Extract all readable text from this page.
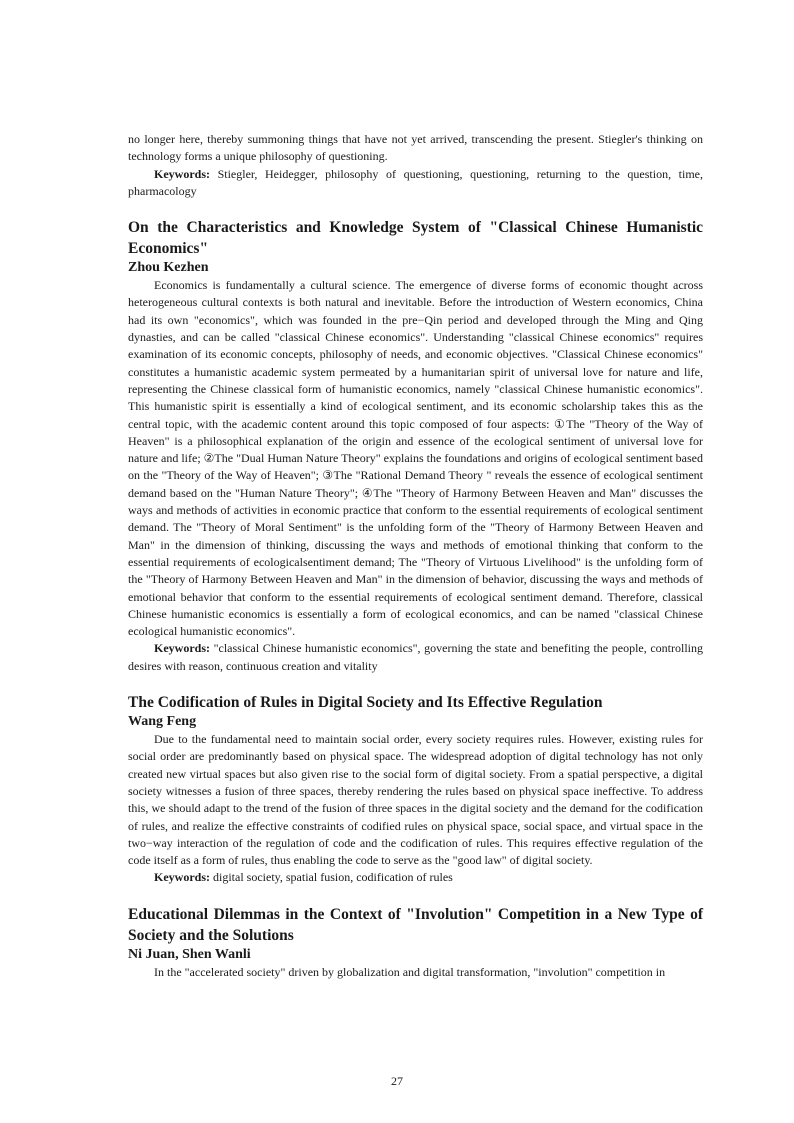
no longer here, thereby summoning things that have not yet arrived, transcending the present. Stiegler's thinking on technology forms a unique philosophy of questioning.

Keywords: Stiegler, Heidegger, philosophy of questioning, questioning, returning to the question, time, pharmacology

On the Characteristics and Knowledge System of "Classical Chinese Humanistic Economics"
Zhou Kezhen

Economics is fundamentally a cultural science. The emergence of diverse forms of economic thought across heterogeneous cultural contexts is both natural and inevitable. Before the introduction of Western economics, China had its own "economics", which was founded in the pre−Qin period and developed through the Ming and Qing dynasties, and can be called "classical Chinese economics". Understanding "classical Chinese economics" requires examination of its economic concepts, philosophy of needs, and economic objectives. "Classical Chinese economics" constitutes a humanistic academic system permeated by a humanitarian spirit of universal love for nature and life, representing the Chinese classical form of humanistic economics, namely "classical Chinese humanistic economics". This humanistic spirit is essentially a kind of ecological sentiment, and its economic scholarship takes this as the central topic, with the academic content around this topic composed of four aspects: ①The "Theory of the Way of Heaven" is a philosophical explanation of the origin and essence of the ecological sentiment of universal love for nature and life; ②The "Dual Human Nature Theory" explains the foundations and origins of ecological sentiment based on the "Theory of the Way of Heaven"; ③The "Rational Demand Theory " reveals the essence of ecological sentiment demand based on the "Human Nature Theory"; ④The "Theory of Harmony Between Heaven and Man" discusses the ways and methods of activities in economic practice that conform to the essential requirements of ecological sentiment demand. The "Theory of Moral Sentiment" is the unfolding form of the "Theory of Harmony Between Heaven and Man" in the dimension of thinking, discussing the ways and methods of emotional thinking that conform to the essential requirements of ecologicalsentiment demand; The "Theory of Virtuous Livelihood" is the unfolding form of the "Theory of Harmony Between Heaven and Man" in the dimension of behavior, discussing the ways and methods of emotional behavior that conform to the essential requirements of ecological sentiment demand. Therefore, classical Chinese humanistic economics is essentially a form of ecological economics, and can be named "classical Chinese ecological humanistic economics".

Keywords: "classical Chinese humanistic economics", governing the state and benefiting the people, controlling desires with reason, continuous creation and vitality

The Codification of Rules in Digital Society and Its Effective Regulation
Wang Feng

Due to the fundamental need to maintain social order, every society requires rules. However, existing rules for social order are predominantly based on physical space. The widespread adoption of digital technology has not only created new virtual spaces but also given rise to the social form of digital society. From a spatial perspective, a digital society witnesses a fusion of three spaces, thereby rendering the rules based on physical space ineffective. To address this, we should adapt to the trend of the fusion of three spaces in the digital society and the demand for the codification of rules, and realize the effective constraints of codified rules on physical space, social space, and virtual space in the two−way interaction of the regulation of code and the codification of rules. This requires effective regulation of the code itself as a form of rules, thus enabling the code to serve as the "good law" of digital society.

Keywords: digital society, spatial fusion, codification of rules

Educational Dilemmas in the Context of "Involution" Competition in a New Type of Society and the Solutions
Ni Juan, Shen Wanli

In the "accelerated society" driven by globalization and digital transformation, "involution" competition in

27
